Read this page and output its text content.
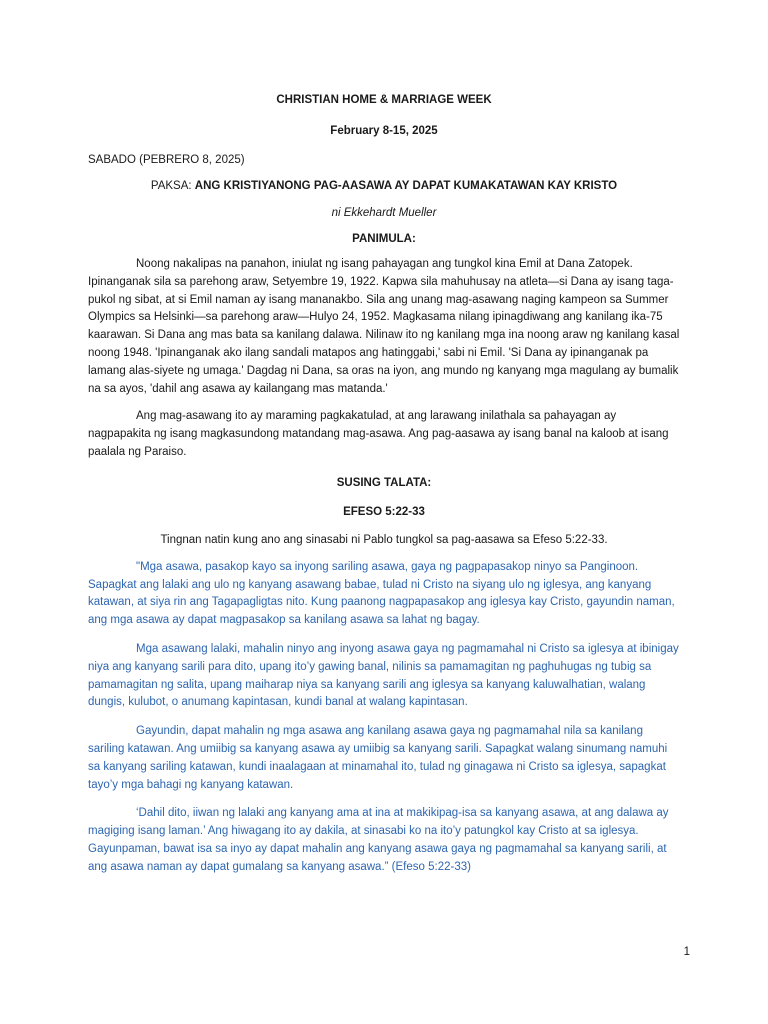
CHRISTIAN HOME & MARRIAGE WEEK

February 8-15, 2025

SABADO (PEBRERO 8, 2025)

PAKSA: ANG KRISTIYANONG PAG-AASAWA AY DAPAT KUMAKATAWAN KAY KRISTO

ni Ekkehardt Mueller

PANIMULA:

Noong nakalipas na panahon, iniulat ng isang pahayagan ang tungkol kina Emil at Dana Zatopek. Ipinanganak sila sa parehong araw, Setyembre 19, 1922. Kapwa sila mahuhusay na atleta—si Dana ay isang taga-pukol ng sibat, at si Emil naman ay isang mananakbo. Sila ang unang mag-asawang naging kampeon sa Summer Olympics sa Helsinki—sa parehong araw—Hulyo 24, 1952. Magkasama nilang ipinagdiwang ang kanilang ika-75 kaarawan. Si Dana ang mas bata sa kanilang dalawa. Nilinaw ito ng kanilang mga ina noong araw ng kanilang kasal noong 1948. 'Ipinanganak ako ilang sandali matapos ang hatinggabi,' sabi ni Emil. 'Si Dana ay ipinanganak pa lamang alas-siyete ng umaga.' Dagdag ni Dana, sa oras na iyon, ang mundo ng kanyang mga magulang ay bumalik na sa ayos, 'dahil ang asawa ay kailangang mas matanda.'

Ang mag-asawang ito ay maraming pagkakatulad, at ang larawang inilathala sa pahayagan ay nagpapakita ng isang magkasundong matandang mag-asawa. Ang pag-aasawa ay isang banal na kaloob at isang paalala ng Paraiso.

SUSING TALATA:

EFESO 5:22-33

Tingnan natin kung ano ang sinasabi ni Pablo tungkol sa pag-aasawa sa Efeso 5:22-33.

"Mga asawa, pasakop kayo sa inyong sariling asawa, gaya ng pagpapasakop ninyo sa Panginoon. Sapagkat ang lalaki ang ulo ng kanyang asawang babae, tulad ni Cristo na siyang ulo ng iglesya, ang kanyang katawan, at siya rin ang Tagapagligtas nito. Kung paanong nagpapasakop ang iglesya kay Cristo, gayundin naman, ang mga asawa ay dapat magpasakop sa kanilang asawa sa lahat ng bagay.

Mga asawang lalaki, mahalin ninyo ang inyong asawa gaya ng pagmamahal ni Cristo sa iglesya at ibinigay niya ang kanyang sarili para dito, upang ito’y gawing banal, nilinis sa pamamagitan ng paghuhugas ng tubig sa pamamagitan ng salita, upang maiharap niya sa kanyang sarili ang iglesya sa kanyang kaluwalhatian, walang dungis, kulubot, o anumang kapintasan, kundi banal at walang kapintasan.

Gayundin, dapat mahalin ng mga asawa ang kanilang asawa gaya ng pagmamahal nila sa kanilang sariling katawan. Ang umiibig sa kanyang asawa ay umiibig sa kanyang sarili. Sapagkat walang sinumang namuhi sa kanyang sariling katawan, kundi inaalagaan at minamahal ito, tulad ng ginagawa ni Cristo sa iglesya, sapagkat tayo’y mga bahagi ng kanyang katawan.

‘Dahil dito, iiwan ng lalaki ang kanyang ama at ina at makikipag-isa sa kanyang asawa, at ang dalawa ay magiging isang laman.’ Ang hiwagang ito ay dakila, at sinasabi ko na ito’y patungkol kay Cristo at sa iglesya. Gayunpaman, bawat isa sa inyo ay dapat mahalin ang kanyang asawa gaya ng pagmamahal sa kanyang sarili, at ang asawa naman ay dapat gumalang sa kanyang asawa.” (Efeso 5:22-33)

1
